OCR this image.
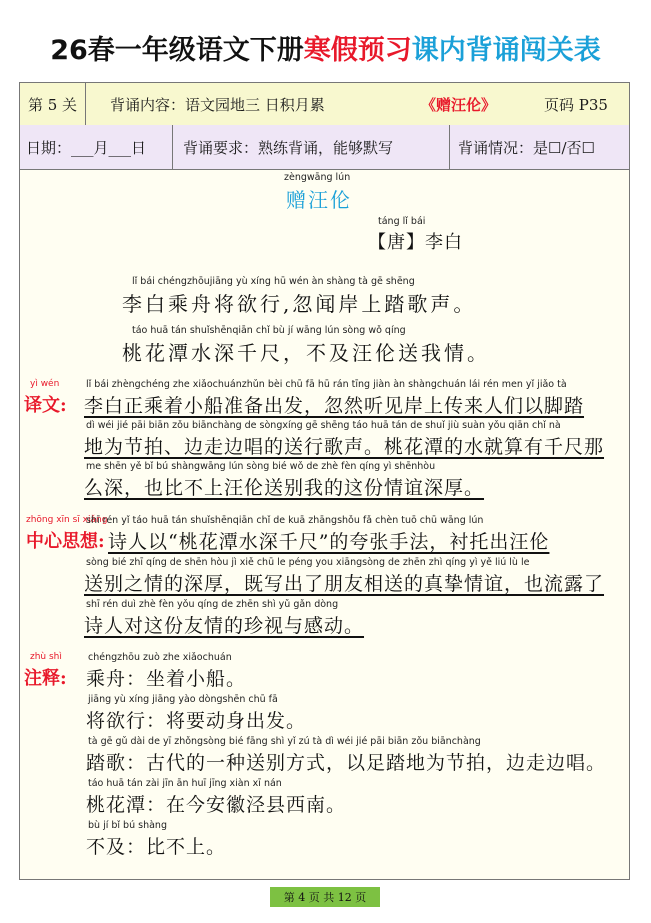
26春一年级语文下册寒假预习课内背诵闯关表
第 5 关	背诵内容：语文园地三 日积月累	《赠汪伦》	页码 P35
日期：___月___日	背诵要求：熟练背诵，能够默写	背诵情况：是☐/否☐
zèngwāng lún
赠汪伦
táng lǐ bái
【唐】李白
lǐ bái chéngzhōujiāng yù xíng hū wén àn shàng tà gē shēng
李白乘舟将欲行,忽闻岸上踏歌声。
táo huā tán shuǐshēnqiān chǐ bù jí wāng lún sòng wǒ qíng
桃花潭水深千尺，不及汪伦送我情。
yì wén
译文:
lǐ bái zhèngchéng zhe xiǎochuánzhǔn bèi chū fā hū rán tīng jiàn àn shàngchuán lái rén men yǐ jiǎo tà
李白正乘着小船准备出发，忽然听见岸上传来人们以脚踏
dì wéi jié pāi biān zǒu biānchàng de sòngxíng gē shēng táo huā tán de shuǐ jiù suàn yǒu qiān chǐ nà
地为节拍、边走边唱的送行歌声。桃花潭的水就算有千尺那
me shēn yě bǐ bú shàngwāng lún sòng bié wǒ de zhè fèn qíng yì shēnhòu
么深，也比不上汪伦送别我的这份情谊深厚。
zhōng xīn sī xiǎng
中心思想:
shī rén yǐ táo huā tán shuǐshēnqiān chǐ de kuā zhāngshǒu fǎ chèn tuō chū wāng lún
诗人以“桃花潭水深千尺”的夸张手法，衬托出汪伦
sòng bié zhī qíng de shēn hòu jì xiě chū le péng you xiāngsòng de zhēn zhì qíng yì yě liú lù le
送别之情的深厚，既写出了朋友相送的真挚情谊，也流露了
shī rén duì zhè fèn yǒu qíng de zhēn shì yǔ gǎn dòng
诗人对这份友情的珍视与感动。
zhù shì
注释:
chéngzhōu zuò zhe xiǎochuán
乘舟：坐着小船。
jiāng yù xíng jiāng yào dòngshēn chū fā
将欲行：将要动身出发。
tà gē gǔ dài de yī zhǒngsòng bié fāng shì yǐ zú tà dì wéi jié pāi biān zǒu biānchàng
踏歌：古代的一种送别方式，以足踏地为节拍，边走边唱。
táo huā tán zài jīn ān huī jīng xiàn xī nán
桃花潭：在今安徽泾县西南。
bù jí bǐ bú shàng
不及：比不上。
第 4 页 共 12 页
